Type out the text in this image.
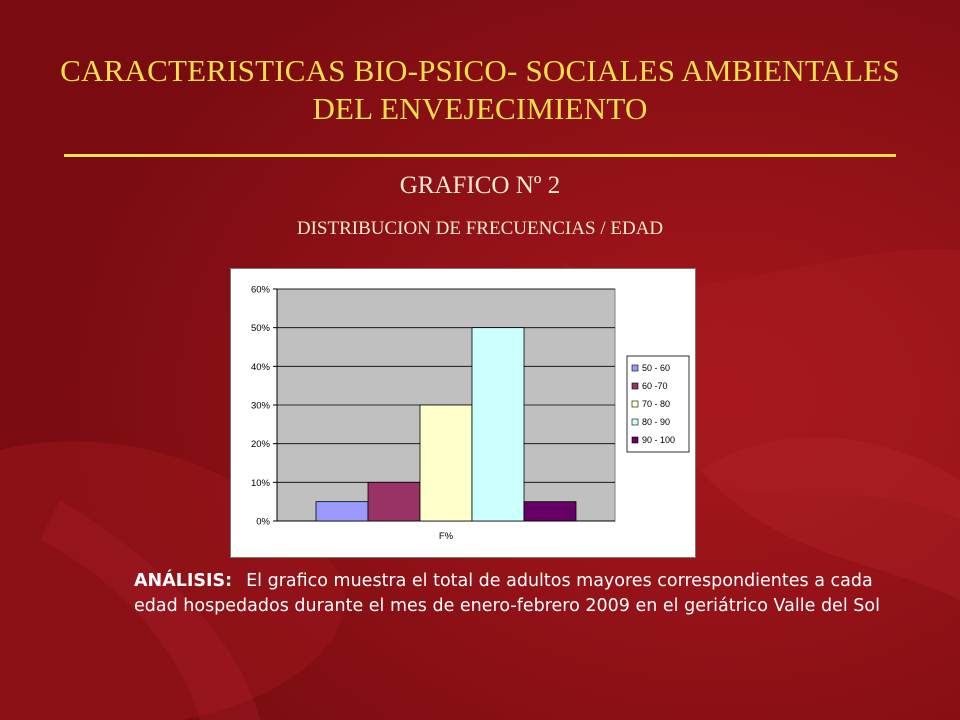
CARACTERISTICAS BIO-PSICO- SOCIALES AMBIENTALES DEL ENVEJECIMIENTO
GRAFICO Nº 2
DISTRIBUCION DE FRECUENCIAS / EDAD
0%
10%
20%
30%
40%
50%
60%
F%
50 - 60
60 -70
70 - 80
80 - 90
90 - 100
ANÁLISIS: El grafico muestra el total de adultos mayores correspondientes a cada edad hospedados durante el mes de enero-febrero 2009 en el geriátrico Valle del Sol
